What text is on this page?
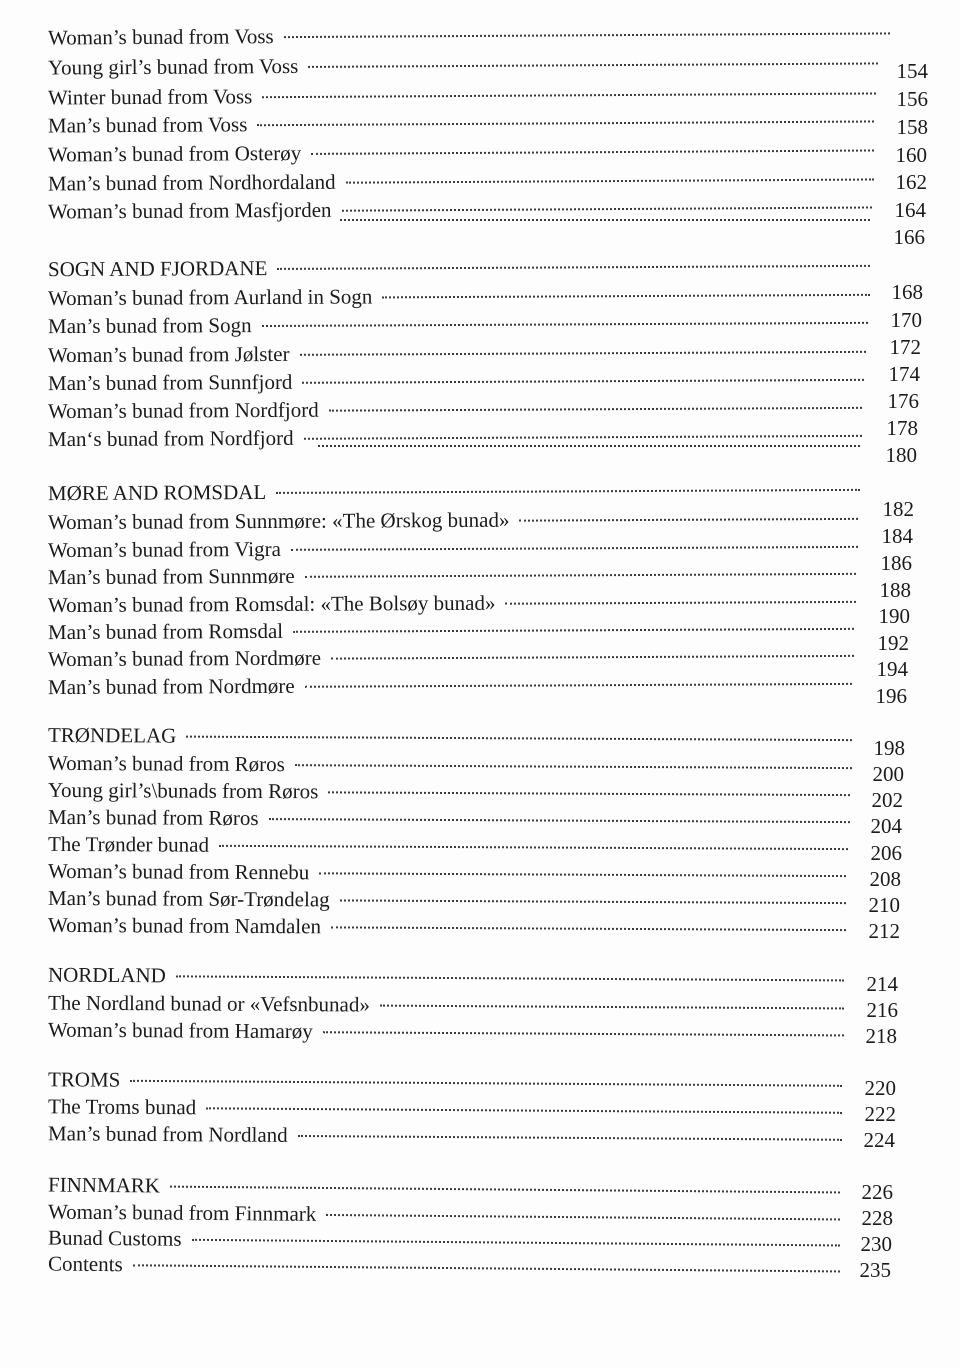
Woman’s bunad from Voss
Young girl’s bunad from Voss
Winter bunad from Voss
Man’s bunad from Voss
Woman’s bunad from Osterøy
Man’s bunad from Nordhordaland
Woman’s bunad from Masfjorden
SOGN AND FJORDANE
Woman’s bunad from Aurland in Sogn
Man’s bunad from Sogn
Woman’s bunad from Jølster
Man’s bunad from Sunnfjord
Woman’s bunad from Nordfjord
Man‘s bunad from Nordfjord
MØRE AND ROMSDAL
Woman’s bunad from Sunnmøre: «The Ørskog bunad»
Woman’s bunad from Vigra
Man’s bunad from Sunnmøre
Woman’s bunad from Romsdal: «The Bolsøy bunad»
Man’s bunad from Romsdal
Woman’s bunad from Nordmøre
Man’s bunad from Nordmøre
TRØNDELAG
Woman’s bunad from Røros
Young girl’s\bunads from Røros
Man’s bunad from Røros
The Trønder bunad
Woman’s bunad from Rennebu
Man’s bunad from Sør-Trøndelag
Woman’s bunad from Namdalen
NORDLAND
The Nordland bunad or «Vefsnbunad»
Woman’s bunad from Hamarøy
TROMS
The Troms bunad
Man’s bunad from Nordland
FINNMARK
Woman’s bunad from Finnmark
Bunad Customs
Contents
154
156
158
160
162
164
166
168
170
172
174
176
178
180
182
184
186
188
190
192
194
196
198
200
202
204
206
208
210
212
214
216
218
220
222
224
226
228
230
235
